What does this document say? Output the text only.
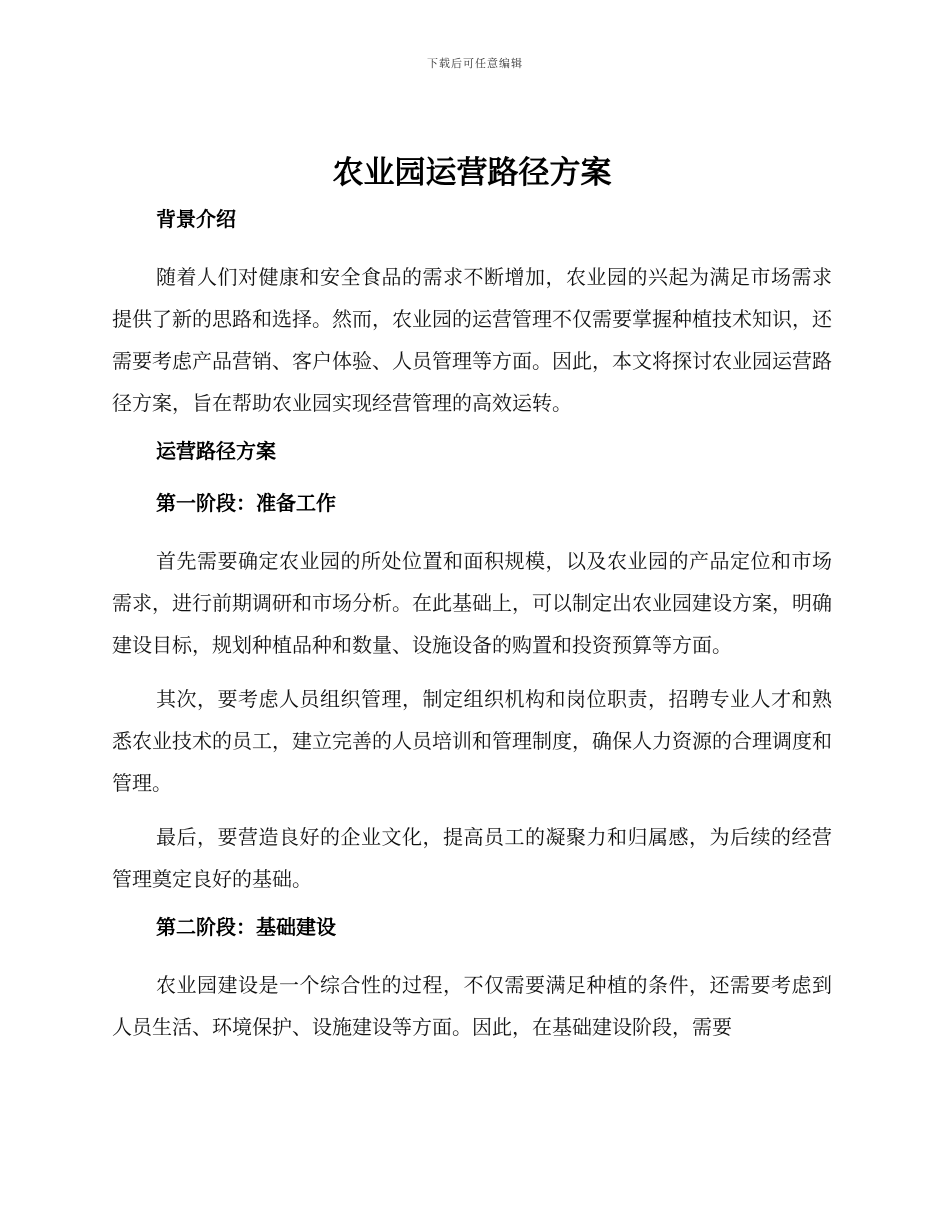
下载后可任意编辑
农业园运营路径方案
背景介绍

随着人们对健康和安全食品的需求不断增加，农业园的兴起为满足市场需求提供了新的思路和选择。然而，农业园的运营管理不仅需要掌握种植技术知识，还需要考虑产品营销、客户体验、人员管理等方面。因此，本文将探讨农业园运营路径方案，旨在帮助农业园实现经营管理的高效运转。

运营路径方案
第一阶段：准备工作

首先需要确定农业园的所处位置和面积规模，以及农业园的产品定位和市场需求，进行前期调研和市场分析。在此基础上，可以制定出农业园建设方案，明确建设目标，规划种植品种和数量、设施设备的购置和投资预算等方面。

其次，要考虑人员组织管理，制定组织机构和岗位职责，招聘专业人才和熟悉农业技术的员工，建立完善的人员培训和管理制度，确保人力资源的合理调度和管理。

最后，要营造良好的企业文化，提高员工的凝聚力和归属感，为后续的经营管理奠定良好的基础。

第二阶段：基础建设

农业园建设是一个综合性的过程，不仅需要满足种植的条件，还需要考虑到人员生活、环境保护、设施建设等方面。因此，在基础建设阶段，需要
